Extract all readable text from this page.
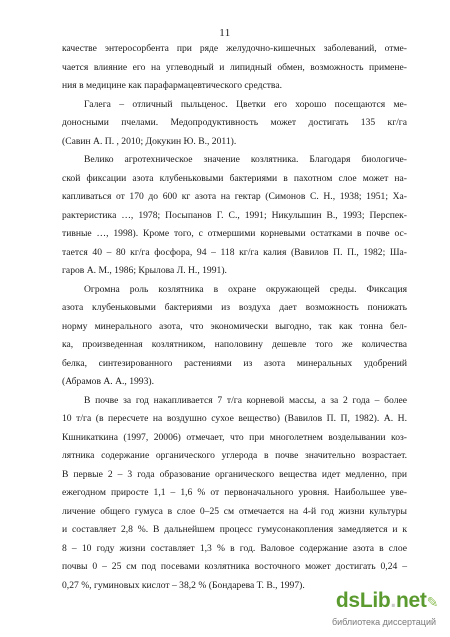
11
качестве энтеросорбента при ряде желудочно-кишечных заболеваний, отме-
чается влияние его на углеводный и липидный обмен, возможность примене-
ния в медицине как парафармацевтического средства.
Галега – отличный пыльценос. Цветки его хорошо посещаются ме-
доносными пчелами. Медопродуктивность может достигать 135 кг/га
(Савин А. П. , 2010; Докукин Ю. В., 2011).
Велико агротехническое значение козлятника. Благодаря биологиче-
ской фиксации азота клубеньковыми бактериями в пахотном слое может на-
капливаться от 170 до 600 кг азота на гектар (Симонов С. Н., 1938; 1951; Ха-
рактеристика …, 1978; Посыпанов Г. С., 1991; Никулышин В., 1993; Перспек-
тивные …, 1998). Кроме того, с отмершими корневыми остатками в почве ос-
тается 40 – 80 кг/га фосфора, 94 – 118 кг/га калия (Вавилов П. П., 1982; Ша-
гаров А. М., 1986; Крылова Л. Н., 1991).
Огромна роль козлятника в охране окружающей среды. Фиксация
азота клубеньковыми бактериями из воздуха дает возможность понижать
норму минерального азота, что экономически выгодно, так как тонна бел-
ка, произведенная козлятником, наполовину дешевле того же количества
белка, синтезированного растениями из азота минеральных удобрений
(Абрамов А. А., 1993).
В почве за год накапливается 7 т/га корневой массы, а за 2 года – более
10 т/га (в пересчете на воздушно сухое вещество) (Вавилов П. П, 1982). А. Н.
Кшникаткина (1997, 20006) отмечает, что при многолетнем возделывании коз-
лятника содержание органического углерода в почве значительно возрастает.
В первые 2 – 3 года образование органического вещества идет медленно, при
ежегодном приросте 1,1 – 1,6 % от первоначального уровня. Наибольшее уве-
личение общего гумуса в слое 0–25 см отмечается на 4-й год жизни культуры
и составляет 2,8 %. В дальнейшем процесс гумусонакопления замедляется и к
8 – 10 году жизни составляет 1,3 % в год. Валовое содержание азота в слое
почвы 0 – 25 см под посевами козлятника восточного может достигать 0,24 –
0,27 %, гуминовых кислот – 38,2 % (Бондарева Т. В., 1997).
dsLib.net✎
библиотека диссертаций
